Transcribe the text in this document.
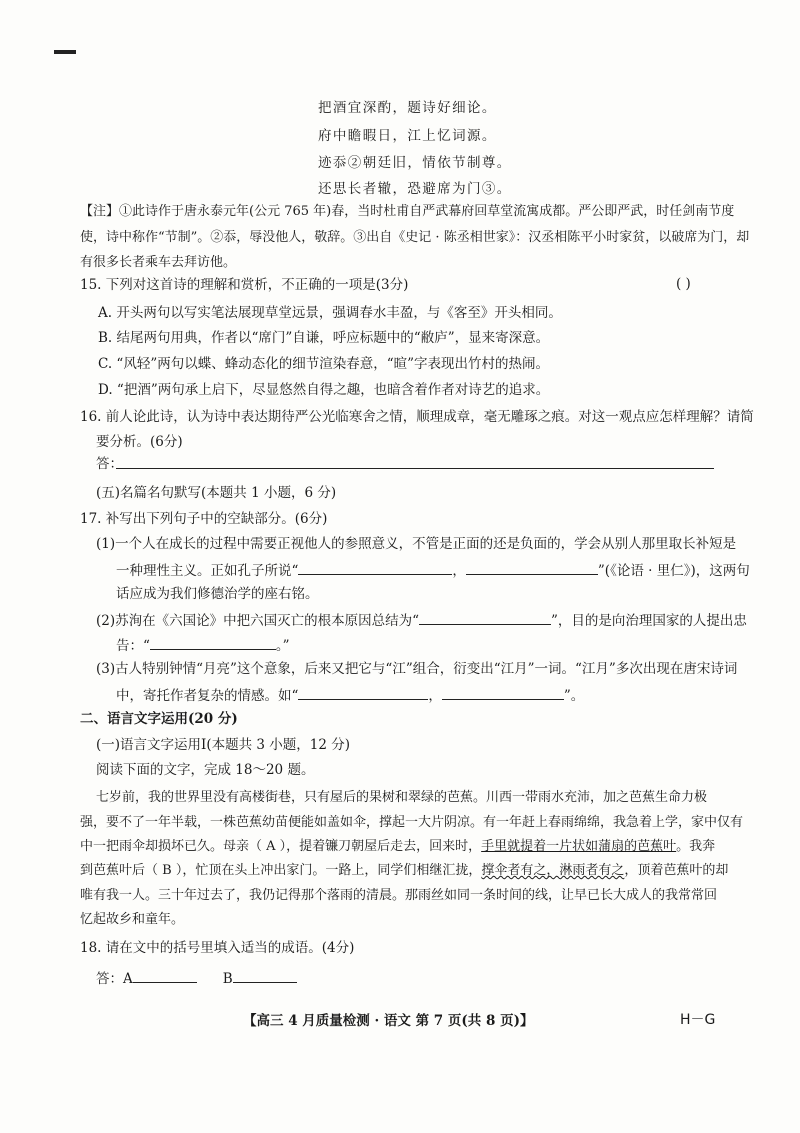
把酒宜深酌，题诗好细论。
府中瞻暇日，江上忆词源。
迹忝②朝廷旧，情依节制尊。
还思长者辙，恐避席为门③。
【注】①此诗作于唐永泰元年(公元 765 年)春，当时杜甫自严武幕府回草堂流寓成都。严公即严武，时任剑南节度
使，诗中称作“节制”。②忝，辱没他人，敬辞。③出自《史记 · 陈丞相世家》：汉丞相陈平小时家贫，以破席为门，却
有很多长者乘车去拜访他。
15. 下列对这首诗的理解和赏析，不正确的一项是(3分)	( )
A. 开头两句以写实笔法展现草堂远景，强调春水丰盈，与《客至》开头相同。
B. 结尾两句用典，作者以“席门”自谦，呼应标题中的“敝庐”，显来寄深意。
C. “风轻”两句以蝶、蜂动态化的细节渲染春意，“暄”字表现出竹村的热闹。
D. “把酒”两句承上启下，尽显悠然自得之趣，也暗含着作者对诗艺的追求。
16. 前人论此诗，认为诗中表达期待严公光临寒舍之情，顺理成章，毫无雕琢之痕。对这一观点应怎样理解？请简
要分析。(6分)
答：
(五)名篇名句默写(本题共 1 小题，6 分)
17. 补写出下列句子中的空缺部分。(6分)
(1)一个人在成长的过程中需要正视他人的参照意义，不管是正面的还是负面的，学会从别人那里取长补短是
一种理性主义。正如孔子所说“	，	”(《论语 · 里仁》)，这两句
话应成为我们修德治学的座右铭。
(2)苏洵在《六国论》中把六国灭亡的根本原因总结为“	”，目的是向治理国家的人提出忠
告：“	。”
(3)古人特别钟情“月亮”这个意象，后来又把它与“江”组合，衍变出“江月”一词。“江月”多次出现在唐宋诗词
中，寄托作者复杂的情感。如“	，	”。
二、语言文字运用(20 分)
(一)语言文字运用Ⅰ(本题共 3 小题，12 分)
阅读下面的文字，完成 18～20 题。
七岁前，我的世界里没有高楼街巷，只有屋后的果树和翠绿的芭蕉。川西一带雨水充沛，加之芭蕉生命力极
强，要不了一年半载，一株芭蕉幼苗便能如盖如伞，撑起一大片阴凉。有一年赶上春雨绵绵，我急着上学，家中仅有
中一把雨伞却损坏已久。母亲（ A ），提着镰刀朝屋后走去，回来时，手里就提着一片状如蒲扇的芭蕉叶。我奔
到芭蕉叶后（ B ），忙顶在头上冲出家门。一路上，同学们相继汇拢，撑伞者有之，淋雨者有之，顶着芭蕉叶的却
唯有我一人。三十年过去了，我仍记得那个落雨的清晨。那雨丝如同一条时间的线，让早已长大成人的我常常回
忆起故乡和童年。
18. 请在文中的括号里填入适当的成语。(4分)
答：A	B
【高三 4 月质量检测 · 语文 第 7 页(共 8 页)】	H－G
